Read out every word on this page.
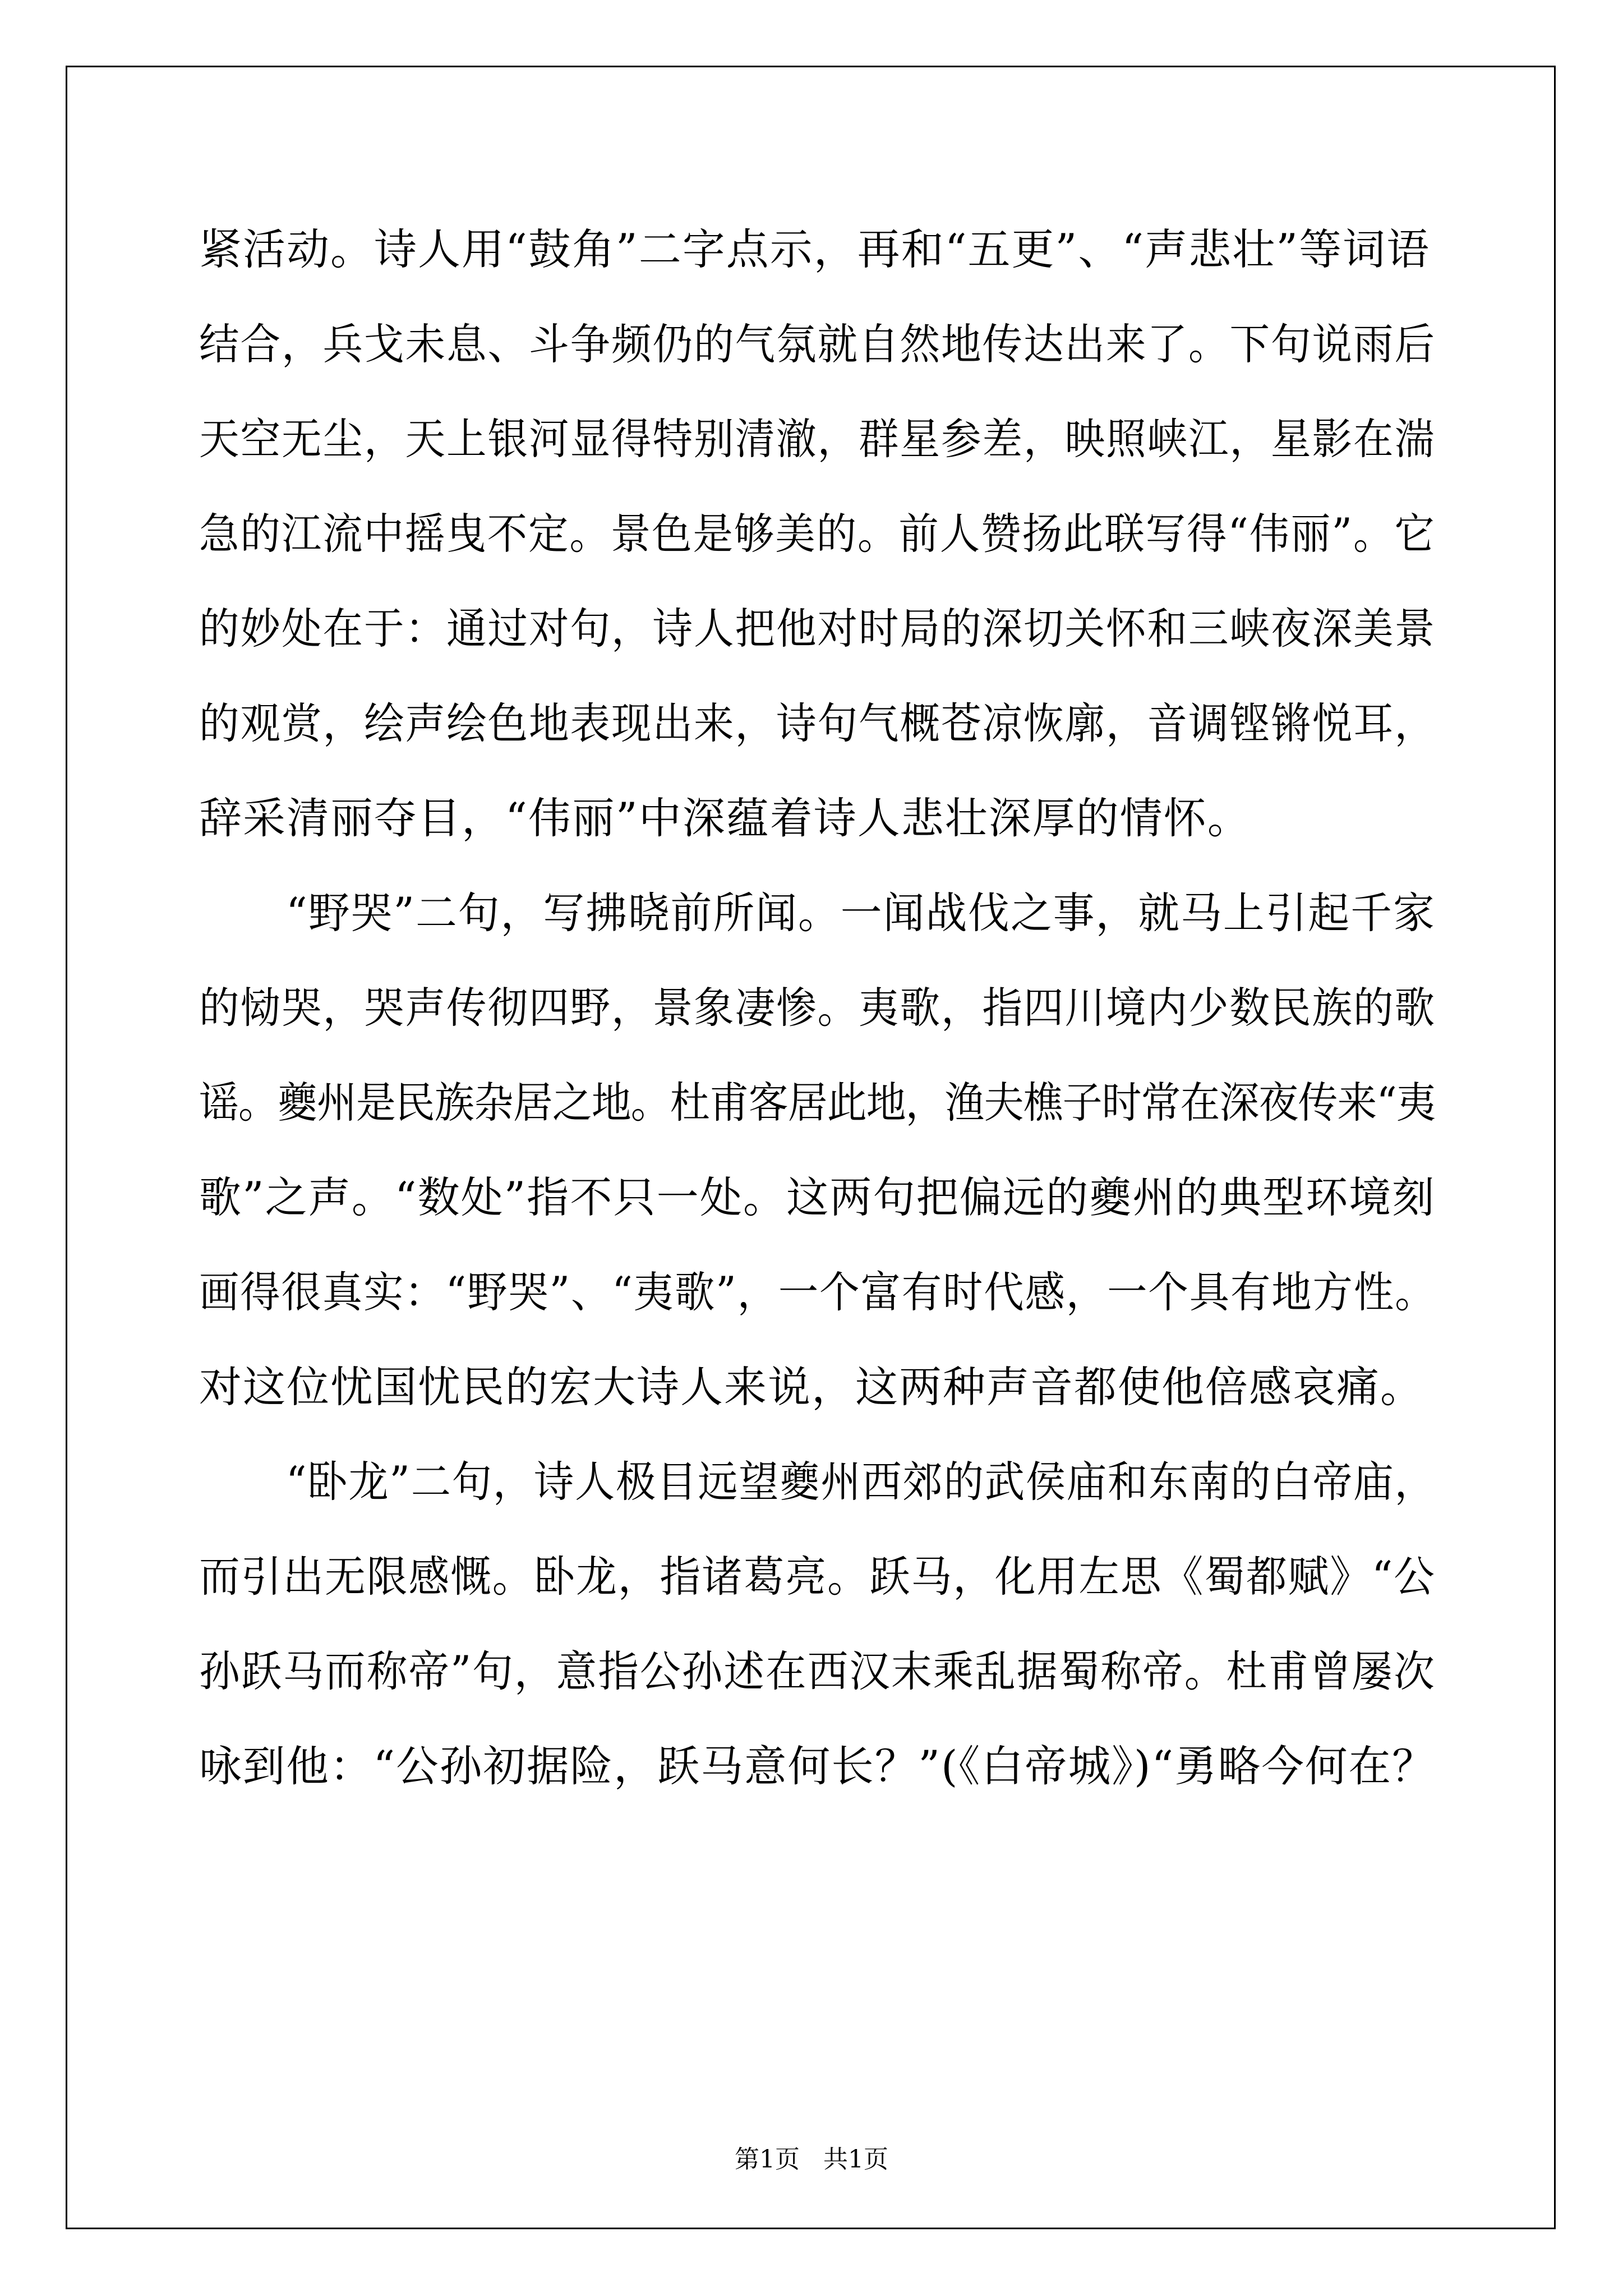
紧活动。诗人用“鼓角”二字点示，再和“五更”、“声悲壮”等词语
结合，兵戈未息、斗争频仍的气氛就自然地传达出来了。下句说雨后
天空无尘，天上银河显得特别清澈，群星参差，映照峡江，星影在湍
急的江流中摇曳不定。景色是够美的。前人赞扬此联写得“伟丽”。它
的妙处在于：通过对句，诗人把他对时局的深切关怀和三峡夜深美景
的观赏，绘声绘色地表现出来，诗句气概苍凉恢廓，音调铿锵悦耳，
辞采清丽夺目，“伟丽”中深蕴着诗人悲壮深厚的情怀。
“野哭”二句，写拂晓前所闻。一闻战伐之事，就马上引起千家
的恸哭，哭声传彻四野，景象凄惨。夷歌，指四川境内少数民族的歌
谣。夔州是民族杂居之地。杜甫客居此地，渔夫樵子时常在深夜传来“夷
歌”之声。“数处”指不只一处。这两句把偏远的夔州的典型环境刻
画得很真实：“野哭”、“夷歌”，一个富有时代感，一个具有地方性。
对这位忧国忧民的宏大诗人来说，这两种声音都使他倍感哀痛。
“卧龙”二句，诗人极目远望夔州西郊的武侯庙和东南的白帝庙，
而引出无限感慨。卧龙，指诸葛亮。跃马，化用左思《蜀都赋》“公
孙跃马而称帝”句，意指公孙述在西汉末乘乱据蜀称帝。杜甫曾屡次
咏到他：“公孙初据险，跃马意何长？”(《白帝城》)“勇略今何在？
第1页 共1页
